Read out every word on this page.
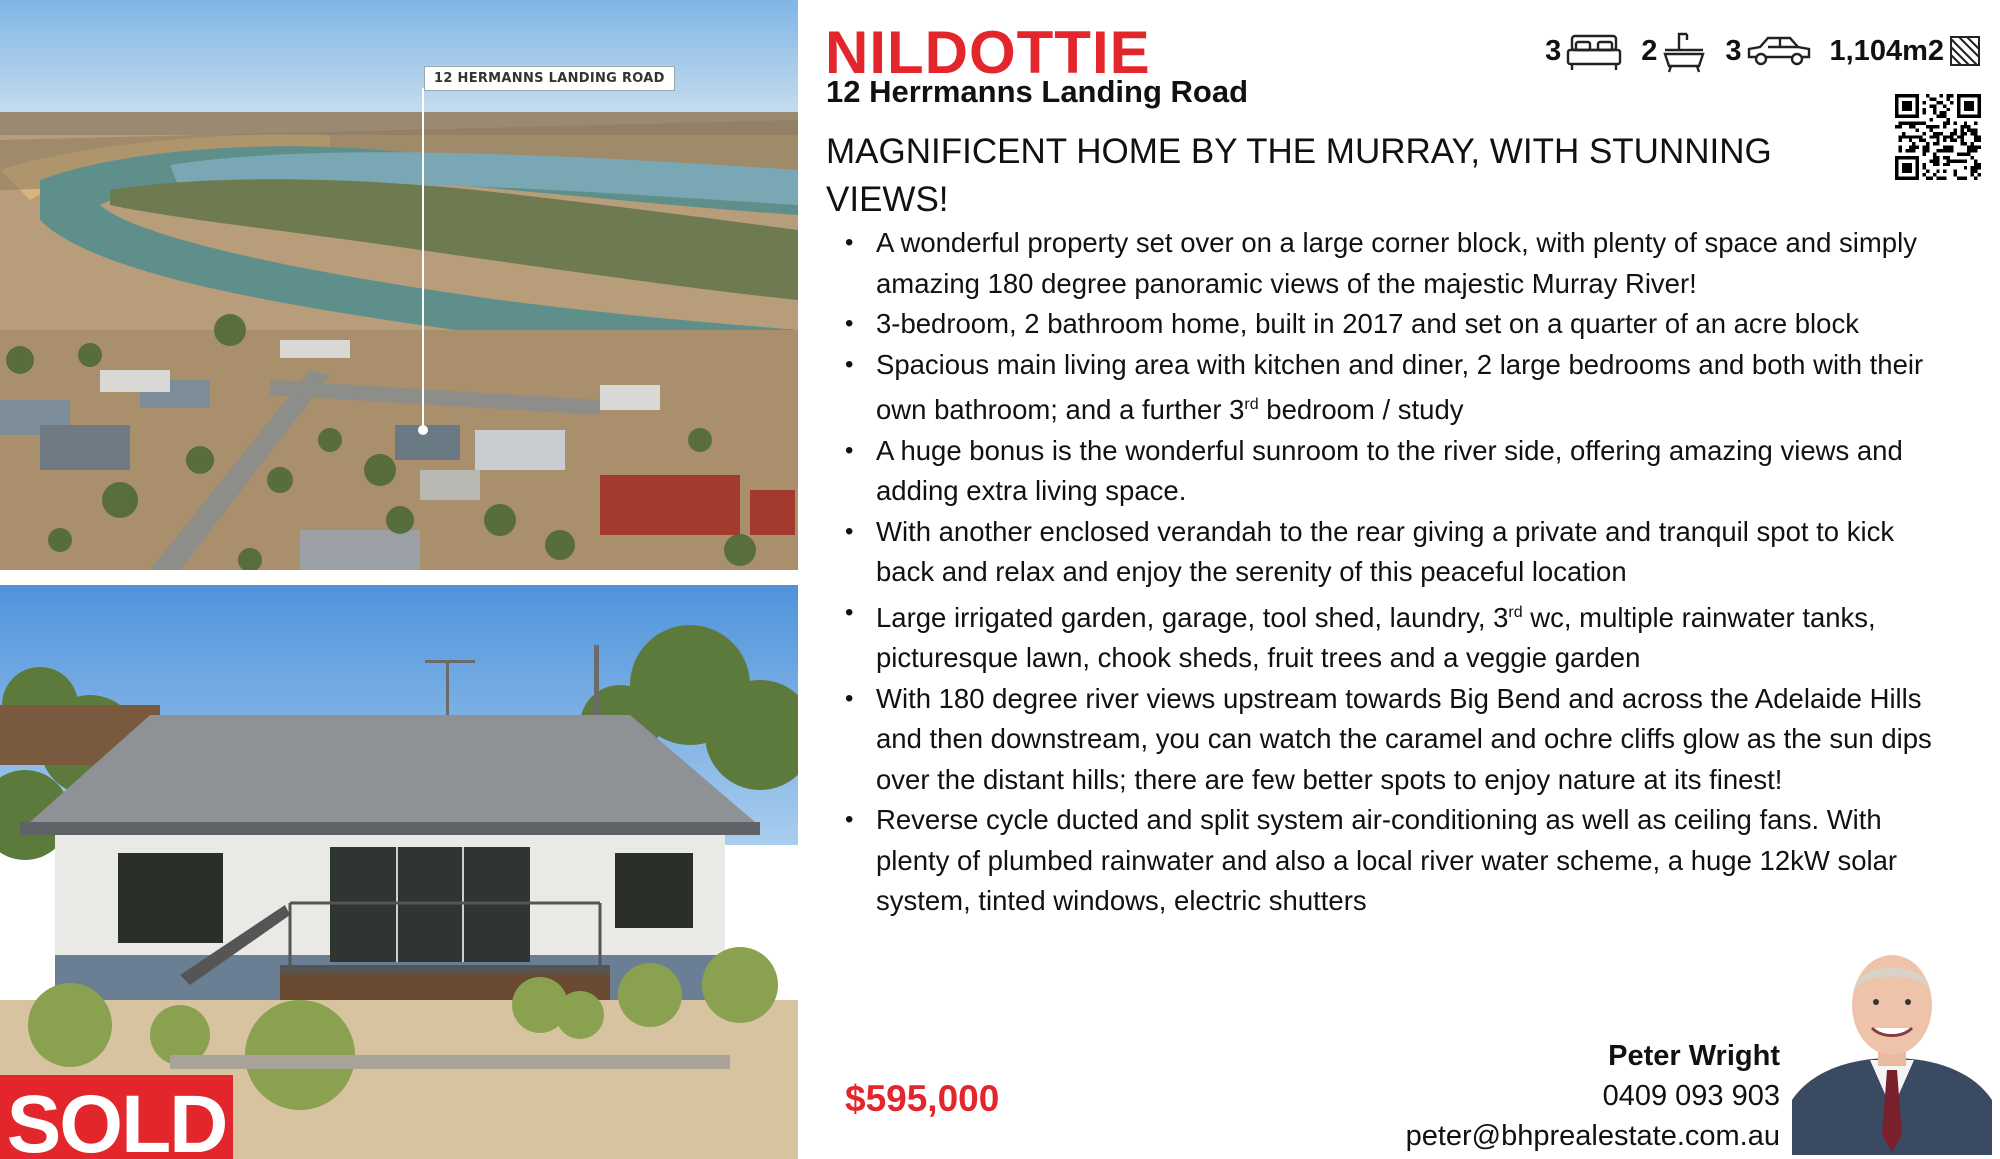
12 HERMANNS LANDING ROAD
SOLD
NILDOTTIE
12 Herrmanns Landing Road
3	2 3	1,104m2
MAGNIFICENT HOME BY THE MURRAY, WITH STUNNING VIEWS!
• A wonderful property set over on a large corner block, with plenty of space and simply amazing 180 degree panoramic views of the majestic Murray River!
• 3-bedroom, 2 bathroom home, built in 2017 and set on a quarter of an acre block
• Spacious main living area with kitchen and diner, 2 large bedrooms and both with their own bathroom; and a further 3rd bedroom / study
• A huge bonus is the wonderful sunroom to the river side, offering amazing views and adding extra living space.
• With another enclosed verandah to the rear giving a private and tranquil spot to kick back and relax and enjoy the serenity of this peaceful location
• Large irrigated garden, garage, tool shed, laundry, 3rd wc, multiple rainwater tanks, picturesque lawn, chook sheds, fruit trees and a veggie garden
• With 180 degree river views upstream towards Big Bend and across the Adelaide Hills and then downstream, you can watch the caramel and ochre cliffs glow as the sun dips over the distant hills; there are few better spots to enjoy nature at its finest!
• Reverse cycle ducted and split system air-conditioning as well as ceiling fans. With plenty of plumbed rainwater and also a local river water scheme, a huge 12kW solar system, tinted windows, electric shutters
$595,000
Peter Wright
0409 093 903
peter@bhprealestate.com.au
